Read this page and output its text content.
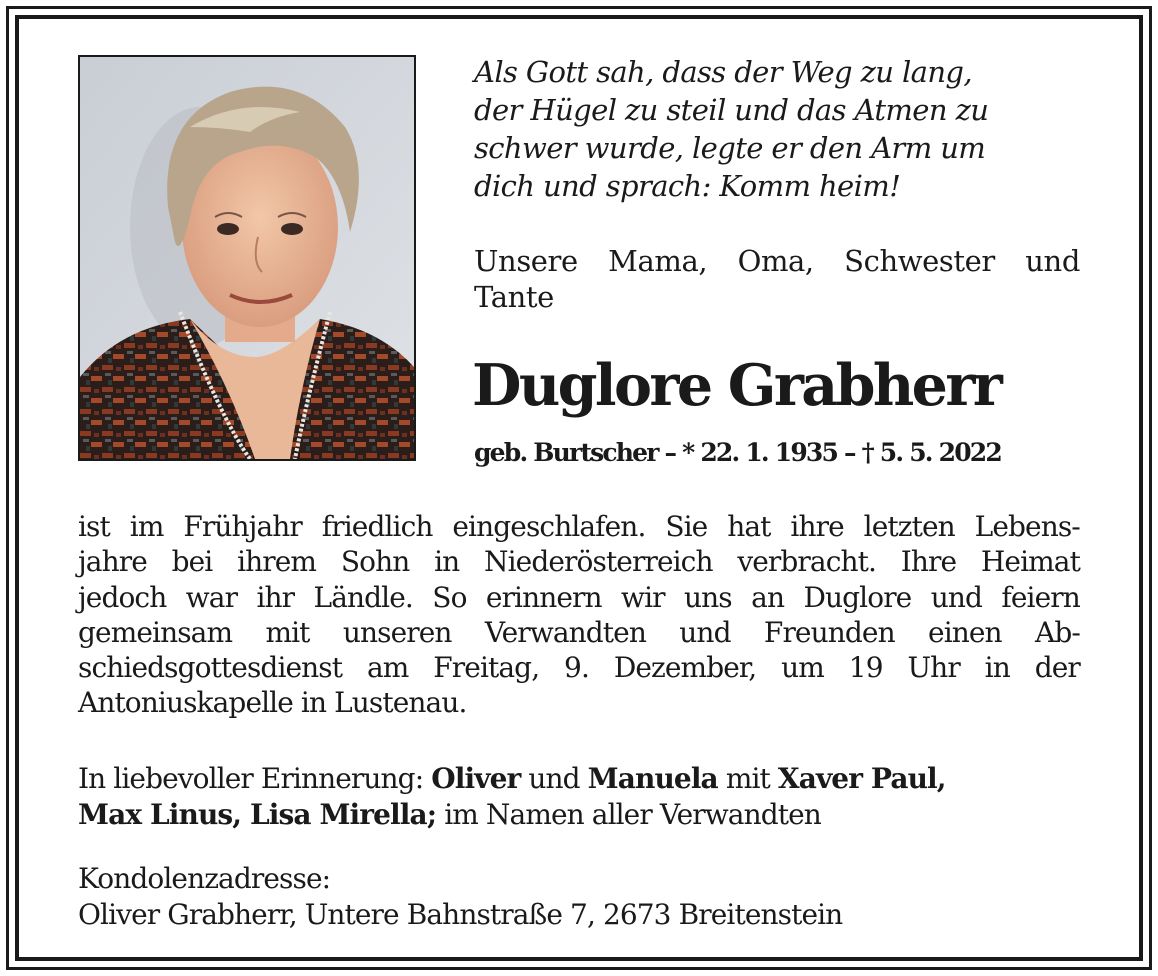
Als Gott sah, dass der Weg zu lang,
der Hügel zu steil und das Atmen zu
schwer wurde, legte er den Arm um
dich und sprach: Komm heim!
Unsere Mama, Oma, Schwester und Tante
Duglore Grabherr
geb. Burtscher – * 22. 1. 1935 – † 5. 5. 2022
ist im Frühjahr friedlich eingeschlafen. Sie hat ihre letzten Lebens-
jahre bei ihrem Sohn in Niederösterreich verbracht. Ihre Heimat
jedoch war ihr Ländle. So erinnern wir uns an Duglore und feiern
gemeinsam mit unseren Verwandten und Freunden einen Ab-
schiedsgottesdienst am Freitag, 9. Dezember, um 19 Uhr in der
Antoniuskapelle in Lustenau.
In liebevoller Erinnerung: Oliver und Manuela mit Xaver Paul,
Max Linus, Lisa Mirella; im Namen aller Verwandten
Kondolenzadresse:
Oliver Grabherr, Untere Bahnstraße 7, 2673 Breitenstein
